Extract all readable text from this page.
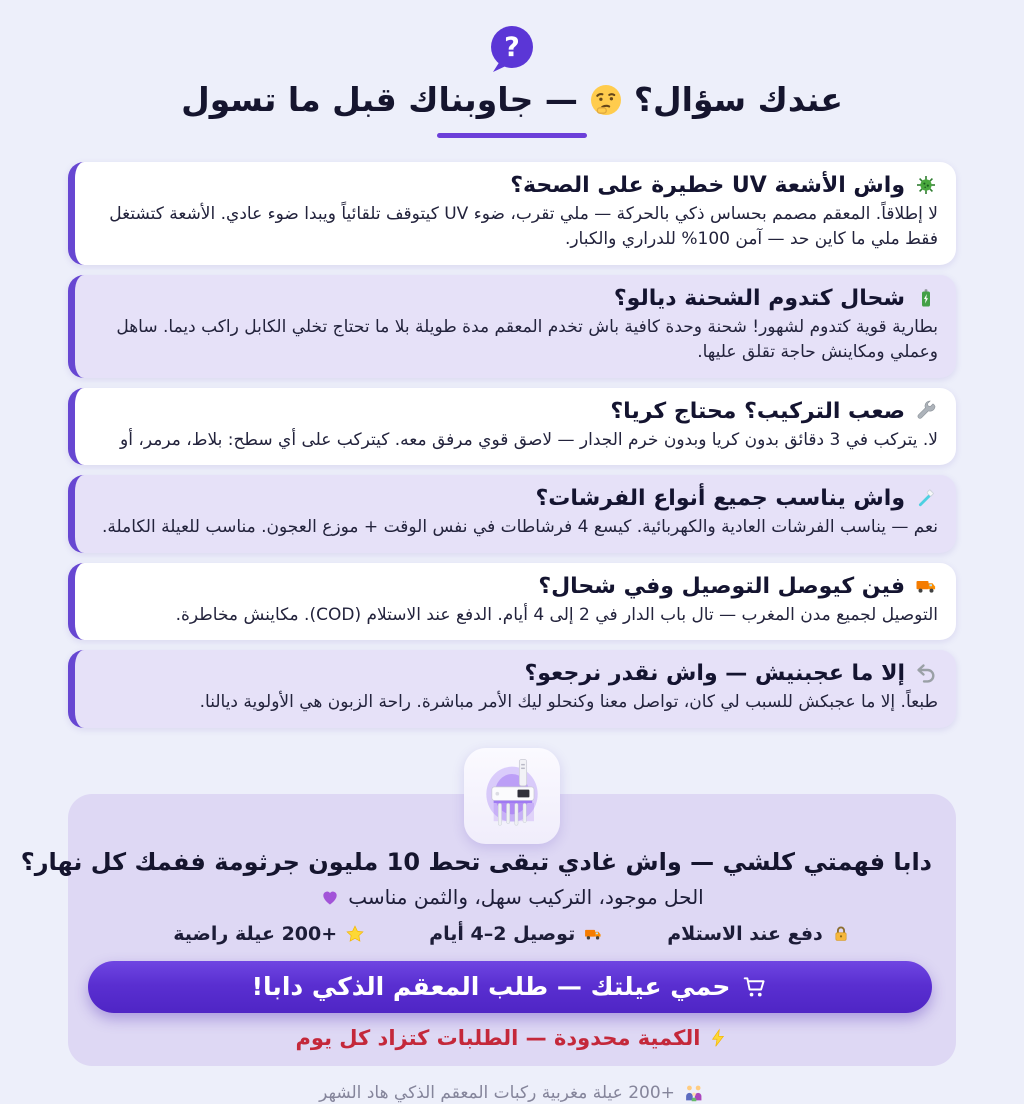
?
عندك سؤال؟
— جاوبناك قبل ما تسول
واش الأشعة UV خطيرة على الصحة؟
لا إطلاقاً. المعقم مصمم بحساس ذكي بالحركة — ملي تقرب، ضوء UV كيتوقف تلقائياً ويبدا ضوء عادي. الأشعة كتشتغل فقط ملي ما كاين حد — آمن 100% للدراري والكبار.
شحال كتدوم الشحنة ديالو؟
بطارية قوية كتدوم لشهور! شحنة وحدة كافية باش تخدم المعقم مدة طويلة بلا ما تحتاج تخلي الكابل راكب ديما. ساهل وعملي ومكاينش حاجة تقلق عليها.
صعب التركيب؟ محتاج كريا؟
لا. يتركب في 3 دقائق بدون كريا وبدون خرم الجدار — لاصق قوي مرفق معه. كيتركب على أي سطح: بلاط، مرمر، أو
واش يناسب جميع أنواع الفرشات؟
نعم — يناسب الفرشات العادية والكهربائية. كيسع 4 فرشاطات في نفس الوقت + موزع العجون. مناسب للعيلة الكاملة.
فين كيوصل التوصيل وفي شحال؟
التوصيل لجميع مدن المغرب — تال باب الدار في 2 إلى 4 أيام. الدفع عند الاستلام (COD). مكاينش مخاطرة.
إلا ما عجبنيش — واش نقدر نرجعو؟
طبعاً. إلا ما عجبكش للسبب لي كان، تواصل معنا وكنحلو ليك الأمر مباشرة. راحة الزبون هي الأولوية ديالنا.
دابا فهمتي كلشي — واش غادي تبقى تحط 10 مليون جرثومة ففمك كل نهار؟
الحل موجود، التركيب سهل، والثمن مناسب
دفع عند الاستلام
توصيل 2–4 أيام
+200 عيلة راضية
حمي عيلتك — طلب المعقم الذكي دابا!
الكمية محدودة — الطلبات كتزاد كل يوم
+200 عيلة مغربية ركبات المعقم الذكي هاد الشهر
